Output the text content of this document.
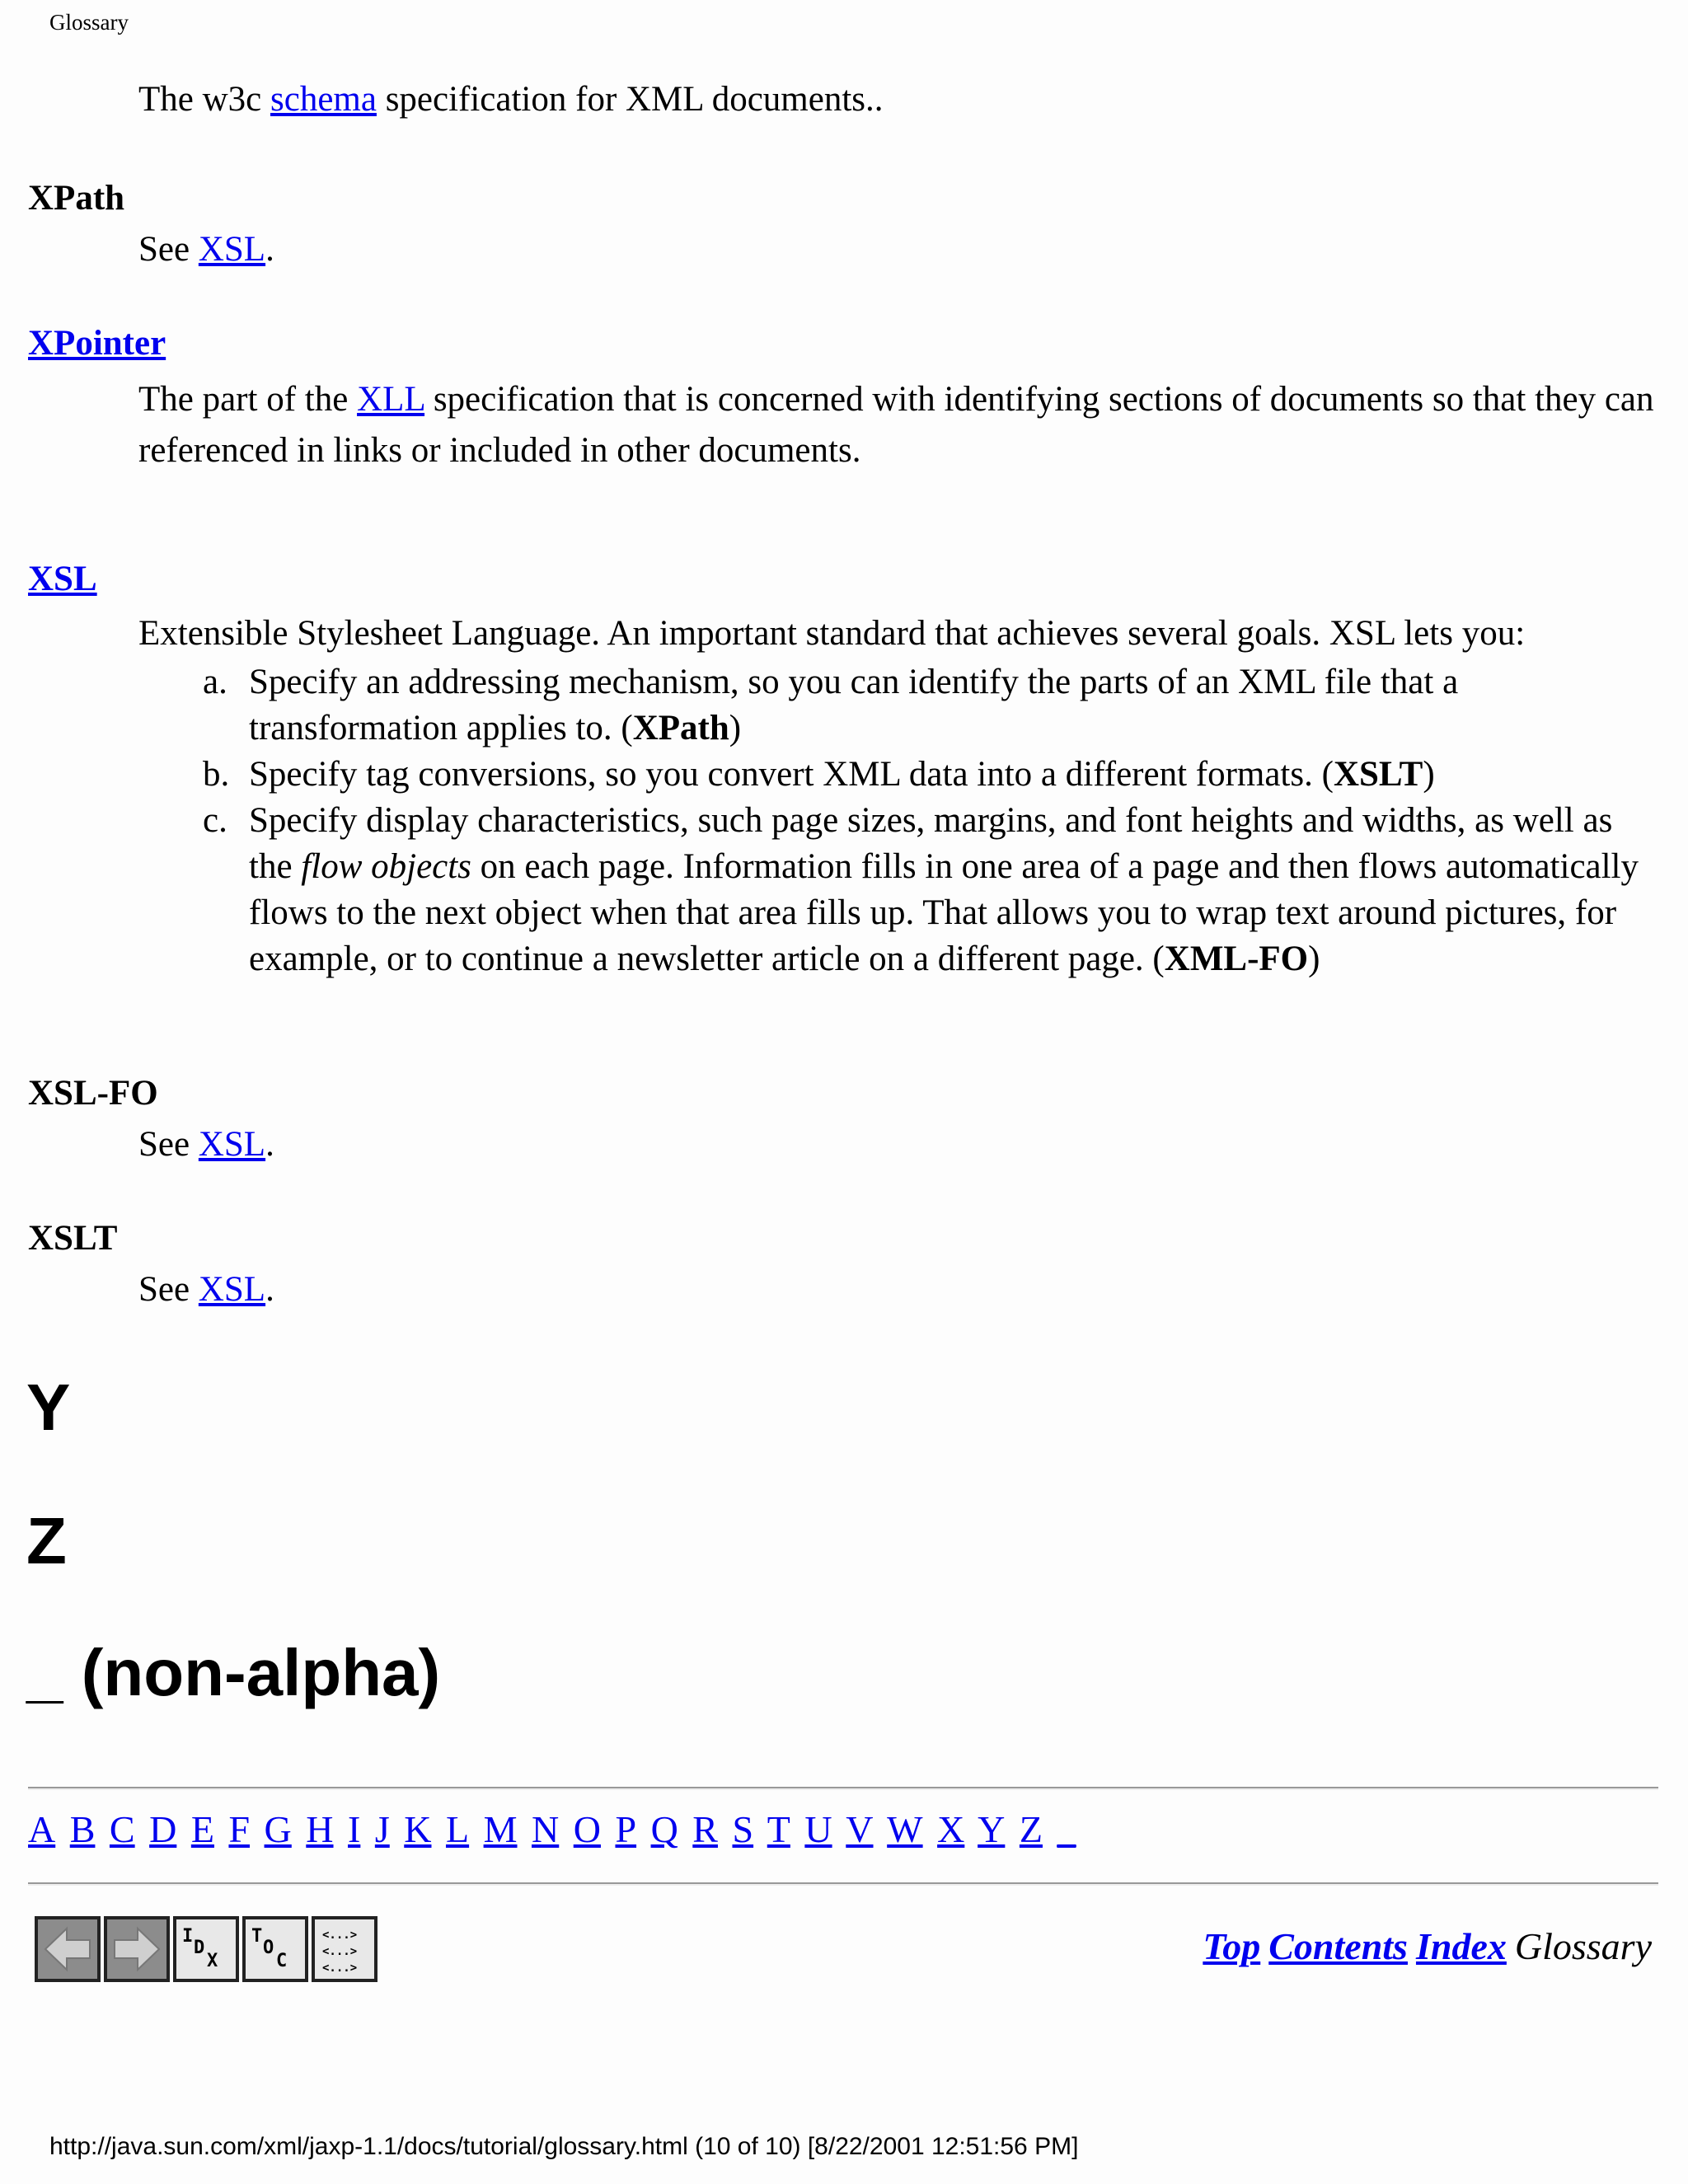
Glossary
The w3c schema specification for XML documents..
XPath
See XSL.
XPointer
The part of the XLL specification that is concerned with identifying sections of documents so that they can referenced in links or included in other documents.
XSL
Extensible Stylesheet Language. An important standard that achieves several goals. XSL lets you:
a. Specify an addressing mechanism, so you can identify the parts of an XML file that a transformation applies to. (XPath)
b. Specify tag conversions, so you convert XML data into a different formats. (XSLT)
c. Specify display characteristics, such page sizes, margins, and font heights and widths, as well as the flow objects on each page. Information fills in one area of a page and then flows automatically flows to the next object when that area fills up. That allows you to wrap text around pictures, for example, or to continue a newsletter article on a different page. (XML-FO)
XSL-FO
See XSL.
XSLT
See XSL.
Y
Z
_ (non-alpha)
A B C D E F G H I J K L M N O P Q R S T U V W X Y Z _
I
D
X
T
O
C
<...>
<...>
<...>
Top Contents Index Glossary
http://java.sun.com/xml/jaxp-1.1/docs/tutorial/glossary.html (10 of 10) [8/22/2001 12:51:56 PM]
